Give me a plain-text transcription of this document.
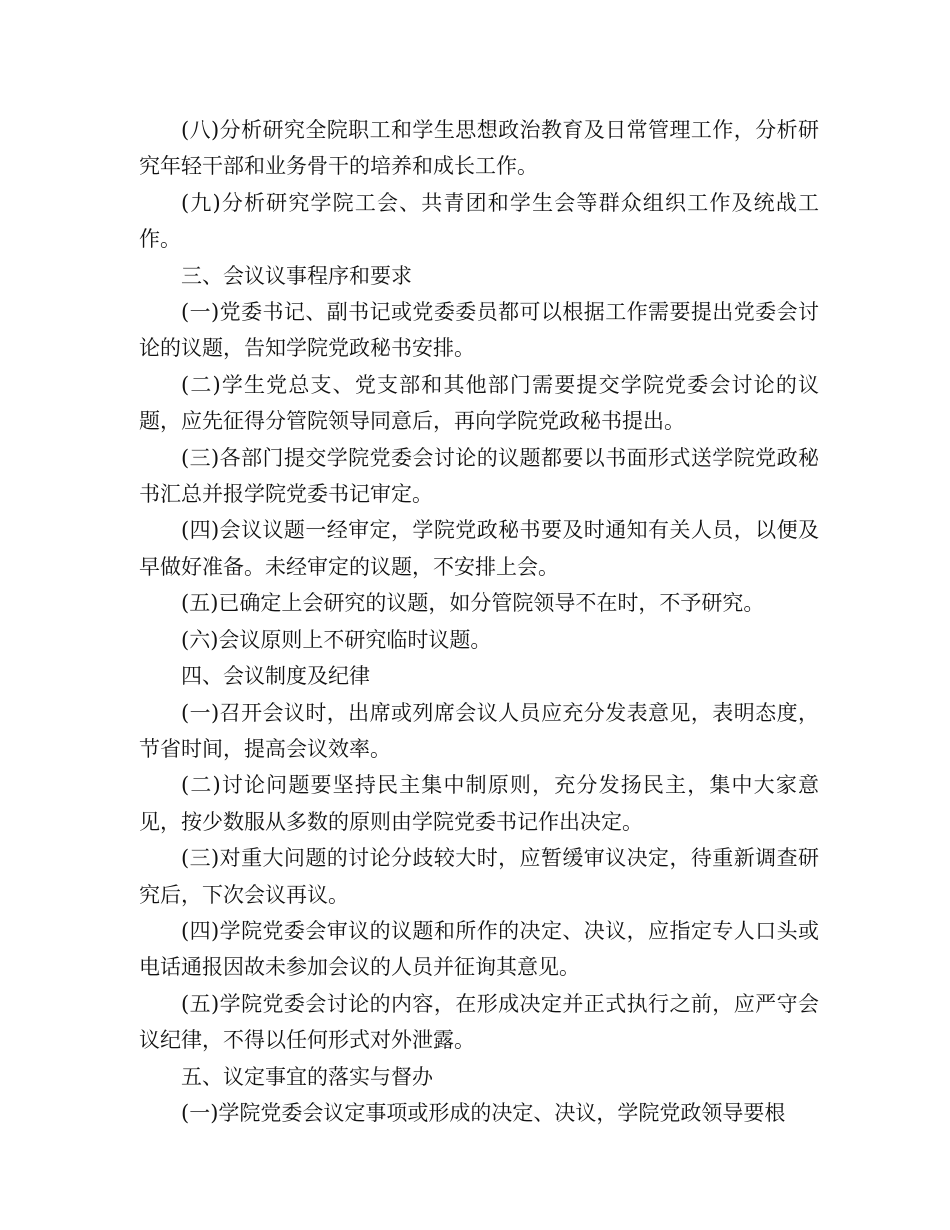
(八)分析研究全院职工和学生思想政治教育及日常管理工作，分析研究年轻干部和业务骨干的培养和成长工作。

(九)分析研究学院工会、共青团和学生会等群众组织工作及统战工作。

三、会议议事程序和要求

(一)党委书记、副书记或党委委员都可以根据工作需要提出党委会讨论的议题，告知学院党政秘书安排。

(二)学生党总支、党支部和其他部门需要提交学院党委会讨论的议题，应先征得分管院领导同意后，再向学院党政秘书提出。

(三)各部门提交学院党委会讨论的议题都要以书面形式送学院党政秘书汇总并报学院党委书记审定。

(四)会议议题一经审定，学院党政秘书要及时通知有关人员，以便及早做好准备。未经审定的议题，不安排上会。

(五)已确定上会研究的议题，如分管院领导不在时，不予研究。

(六)会议原则上不研究临时议题。

四、会议制度及纪律

(一)召开会议时，出席或列席会议人员应充分发表意见，表明态度，节省时间，提高会议效率。

(二)讨论问题要坚持民主集中制原则，充分发扬民主，集中大家意见，按少数服从多数的原则由学院党委书记作出决定。

(三)对重大问题的讨论分歧较大时，应暂缓审议决定，待重新调查研究后，下次会议再议。

(四)学院党委会审议的议题和所作的决定、决议，应指定专人口头或电话通报因故未参加会议的人员并征询其意见。

(五)学院党委会讨论的内容，在形成决定并正式执行之前，应严守会议纪律，不得以任何形式对外泄露。

五、议定事宜的落实与督办

(一)学院党委会议定事项或形成的决定、决议，学院党政领导要根
